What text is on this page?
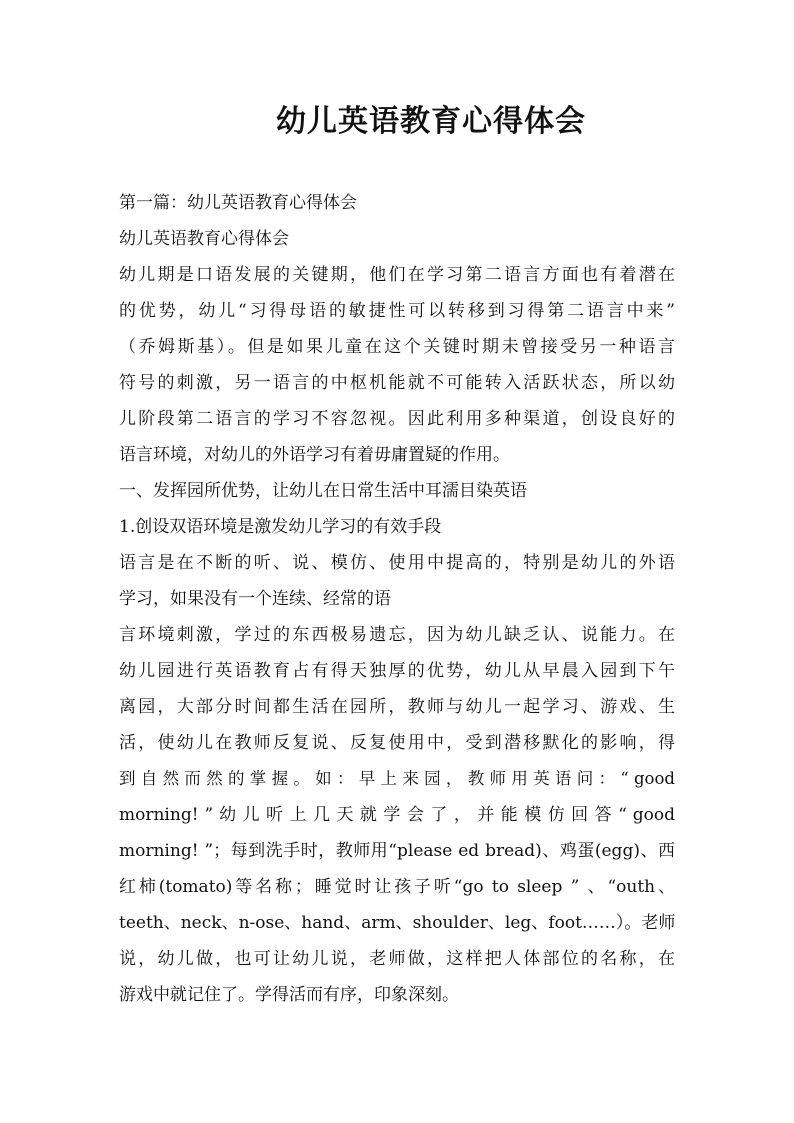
幼儿英语教育心得体会
第一篇：幼儿英语教育心得体会
幼儿英语教育心得体会
幼儿期是口语发展的关键期，他们在学习第二语言方面也有着潜在
的优势，幼儿“习得母语的敏捷性可以转移到习得第二语言中来”
（乔姆斯基）。但是如果儿童在这个关键时期未曾接受另一种语言
符号的刺激，另一语言的中枢机能就不可能转入活跃状态，所以幼
儿阶段第二语言的学习不容忽视。因此利用多种渠道，创设良好的
语言环境，对幼儿的外语学习有着毋庸置疑的作用。
一、发挥园所优势，让幼儿在日常生活中耳濡目染英语
1.创设双语环境是激发幼儿学习的有效手段
语言是在不断的听、说、模仿、使用中提高的，特别是幼儿的外语
学习，如果没有一个连续、经常的语
言环境刺激，学过的东西极易遗忘，因为幼儿缺乏认、说能力。在
幼儿园进行英语教育占有得天独厚的优势，幼儿从早晨入园到下午
离园，大部分时间都生活在园所，教师与幼儿一起学习、游戏、生
活，使幼儿在教师反复说、反复使用中，受到潜移默化的影响，得
到 自 然 而 然 的 掌 握 。 如 ： 早 上 来 园 ， 教 师 用 英 语 问 ： “ good
morning! ” 幼 儿 听 上 几 天 就 学 会 了 ， 并 能 模 仿 回 答 “ good
morning! ”；每到洗手时，教师用“please ed bread)、鸡蛋(egg)、西
红柿(tomato)等名称；睡觉时让孩子听“go to sleep ” 、“outh、
teeth、neck、n-ose、hand、arm、shoulder、leg、foot……）。老师
说，幼儿做，也可让幼儿说，老师做，这样把人体部位的名称，在
游戏中就记住了。学得活而有序，印象深刻。
